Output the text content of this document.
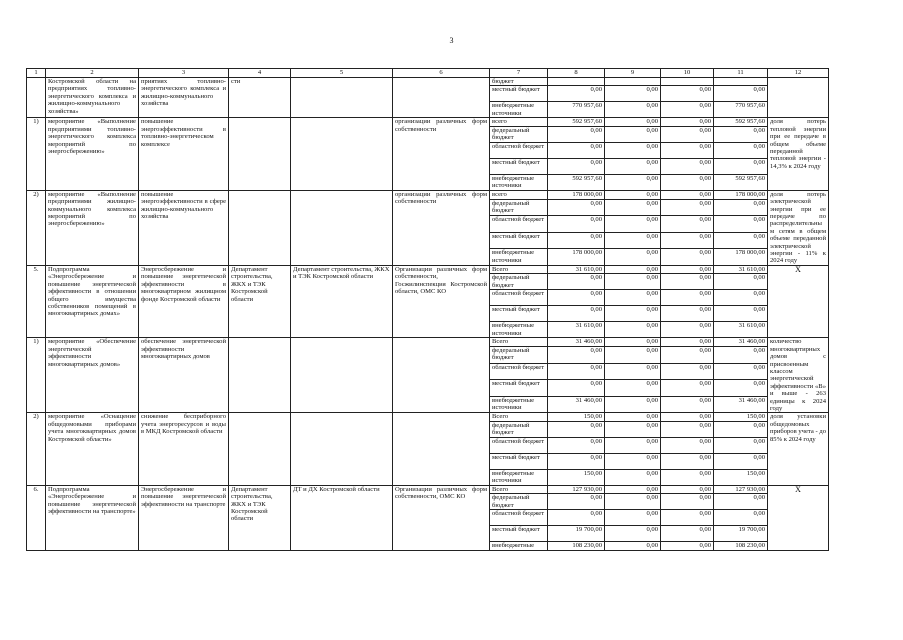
3
1	2	3	4	5	6	7	8	9	10	11	12
	Костромской области на предприятиях топливно-энергетического комплекса и жилищно-коммунального хозяйства»	приятиях топливно-энергетического комплекса и жилищно-коммунального хозяйства	сти			бюджет					
						местный бюджет	0,00	0,00	0,00	0,00	
						внебюджетные источники	770 957,60	0,00	0,00	770 957,60	
1)	мероприятие «Выполнение предприятиями топливно-энергетического комплекса мероприятий по энергосбережению»	повышение энергоэффективности в топливно-энергетическом комплексе			организации различных форм собственности	всего	592 957,60	0,00	0,00	592 957,60	доля потерь тепловой энергии при ее передаче в общем объеме переданной тепловой энергии - 14,3% к 2024 году
						федеральный бюджет	0,00	0,00	0,00	0,00	
						областной бюджет	0,00	0,00	0,00	0,00	
						местный бюджет	0,00	0,00	0,00	0,00	
						внебюджетные источники	592 957,60	0,00	0,00	592 957,60	
2)	мероприятие «Выполнение предприятиями жилищно-коммунального комплекса мероприятий по энергосбережению»	повышение энергоэффективности в сфере жилищно-коммунального хозяйства			организации различных форм собственности	всего	178 000,00	0,00	0,00	178 000,00	доля потерь электрической энергии при ее передаче по распределительным сетям в общем объеме переданной электрической энергии - 11% к 2024 году
						федеральный бюджет	0,00	0,00	0,00	0,00	
						областной бюджет	0,00	0,00	0,00	0,00	
						местный бюджет	0,00	0,00	0,00	0,00	
						внебюджетные источники	178 000,00	0,00	0,00	178 000,00	
5.	Подпрограмма «Энергосбережение и повышение энергетической эффективности в отношении общего имущества собственников помещений в многоквартирных домах»	Энергосбережение и повышение энергетической эффективности в многоквартирном жилищном фонде Костромской области	Департамент строительства, ЖКХ и ТЭК Костромской области	Департамент строительства, ЖКХ и ТЭК Костромской области	Организации различных форм собственности, Госжилинспекция Костромской области, ОМС КО	Всего	31 610,00	0,00	0,00	31 610,00	Х
						федеральный бюджет	0,00	0,00	0,00	0,00	
						областной бюджет	0,00	0,00	0,00	0,00	
						местный бюджет	0,00	0,00	0,00	0,00	
						внебюджетные источники	31 610,00	0,00	0,00	31 610,00	
1)	мероприятие «Обеспечение энергетической эффективности многоквартирных домов»	обеспечение энергетической эффективности многоквартирных домов				Всего	31 460,00	0,00	0,00	31 460,00	количество многоквартирных домов с присвоенным классом энергетической эффективности «В» и выше - 263 единицы к 2024 году
						федеральный бюджет	0,00	0,00	0,00	0,00	
						областной бюджет	0,00	0,00	0,00	0,00	
						местный бюджет	0,00	0,00	0,00	0,00	
						внебюджетные источники	31 460,00	0,00	0,00	31 460,00	
2)	мероприятие «Оснащение общедомовыми приборами учета многоквартирных домов Костромской области»	снижение бесприборного учета энергоресурсов и воды в МКД Костромской области				Всего	150,00	0,00	0,00	150,00	доля установки общедомовых приборов учета - до 85% к 2024 году
						федеральный бюджет	0,00	0,00	0,00	0,00	
						областной бюджет	0,00	0,00	0,00	0,00	
						местный бюджет	0,00	0,00	0,00	0,00	
						внебюджетные источники	150,00	0,00	0,00	150,00	
6.	Подпрограмма «Энергосбережение и повышение энергетической эффективности на транспорте»	Энергосбережение и повышение энергетической эффективности на транспорте	Департамент строительства, ЖКХ и ТЭК Костромской области	ДТ и ДХ Костромской области	Организации различных форм собственности, ОМС КО	Всего	127 930,00	0,00	0,00	127 930,00	Х
						федеральный бюджет	0,00	0,00	0,00	0,00	
						областной бюджет	0,00	0,00	0,00	0,00	
						местный бюджет	19 700,00	0,00	0,00	19 700,00	
						внебюджетные	108 230,00	0,00	0,00	108 230,00	
